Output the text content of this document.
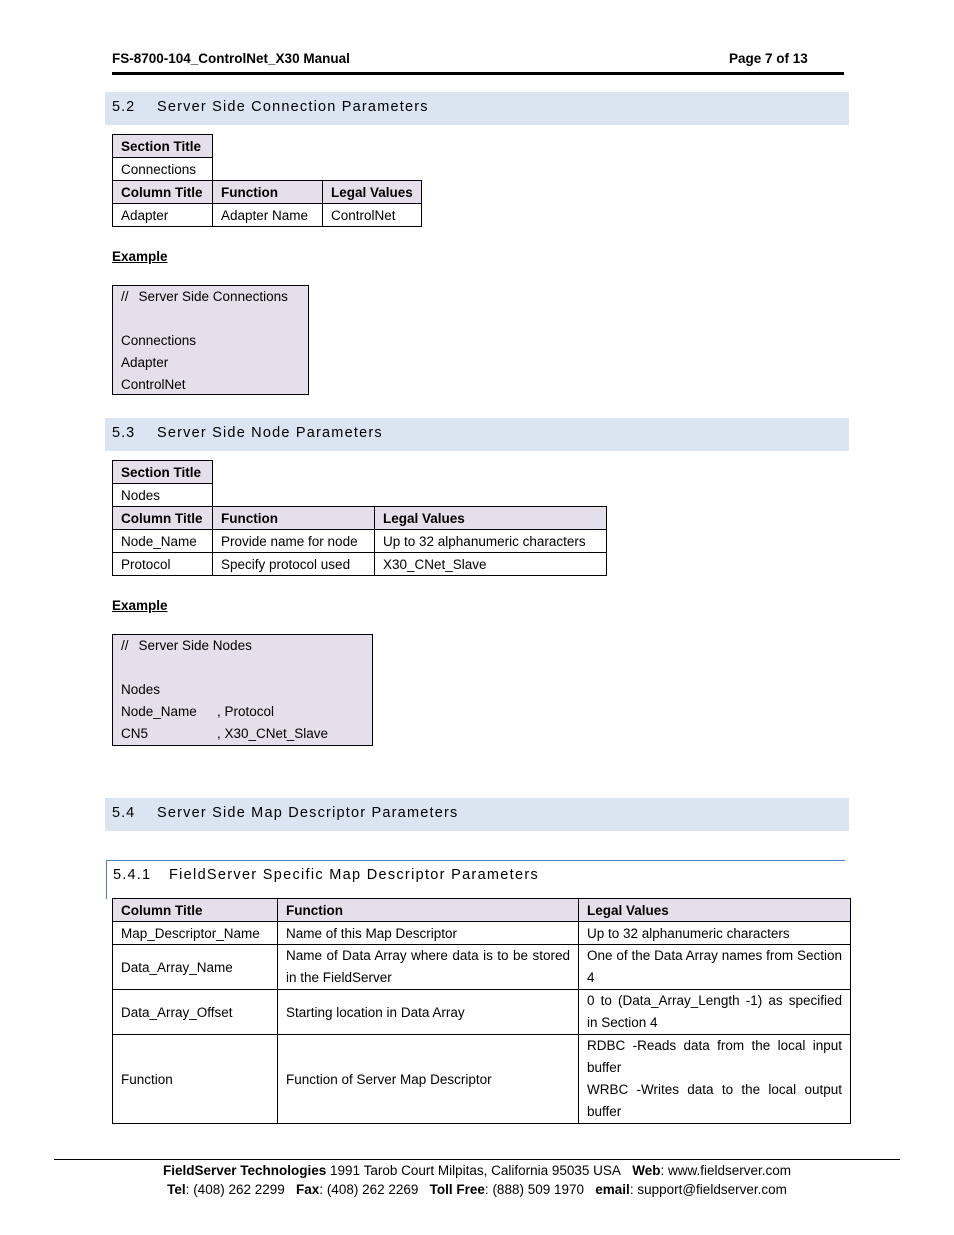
FS-8700-104_ControlNet_X30 Manual	Page 7 of 13
5.2 Server Side Connection Parameters
Section Title		
Connections		
Column Title	Function	Legal Values
Adapter	Adapter Name	ControlNet
Example
// Server Side Connections
Connections
Adapter
ControlNet
5.3 Server Side Node Parameters
Section Title		
Nodes		
Column Title	Function	Legal Values
Node_Name	Provide name for node	Up to 32 alphanumeric characters
Protocol	Specify protocol used	X30_CNet_Slave
Example
// Server Side Nodes
Nodes
Node_Name , Protocol
CN5	, X30_CNet_Slave
5.4 Server Side Map Descriptor Parameters
5.4.1 FieldServer Specific Map Descriptor Parameters
Column Title	Function	Legal Values
Map_Descriptor_Name	Name of this Map Descriptor	Up to 32 alphanumeric characters
Data_Array_Name	Name of Data Array where data is to be stored in the FieldServer	One of the Data Array names from Section 4
Data_Array_Offset	Starting location in Data Array	0 to (Data_Array_Length -1) as specified in Section 4
Function	Function of Server Map Descriptor	RDBC -Reads data from the local input buffer
WRBC -Writes data to the local output buffer
FieldServer Technologies 1991 Tarob Court Milpitas, California 95035 USA Web: www.fieldserver.com
Tel: (408) 262 2299 Fax: (408) 262 2269 Toll Free: (888) 509 1970 email: support@fieldserver.com
